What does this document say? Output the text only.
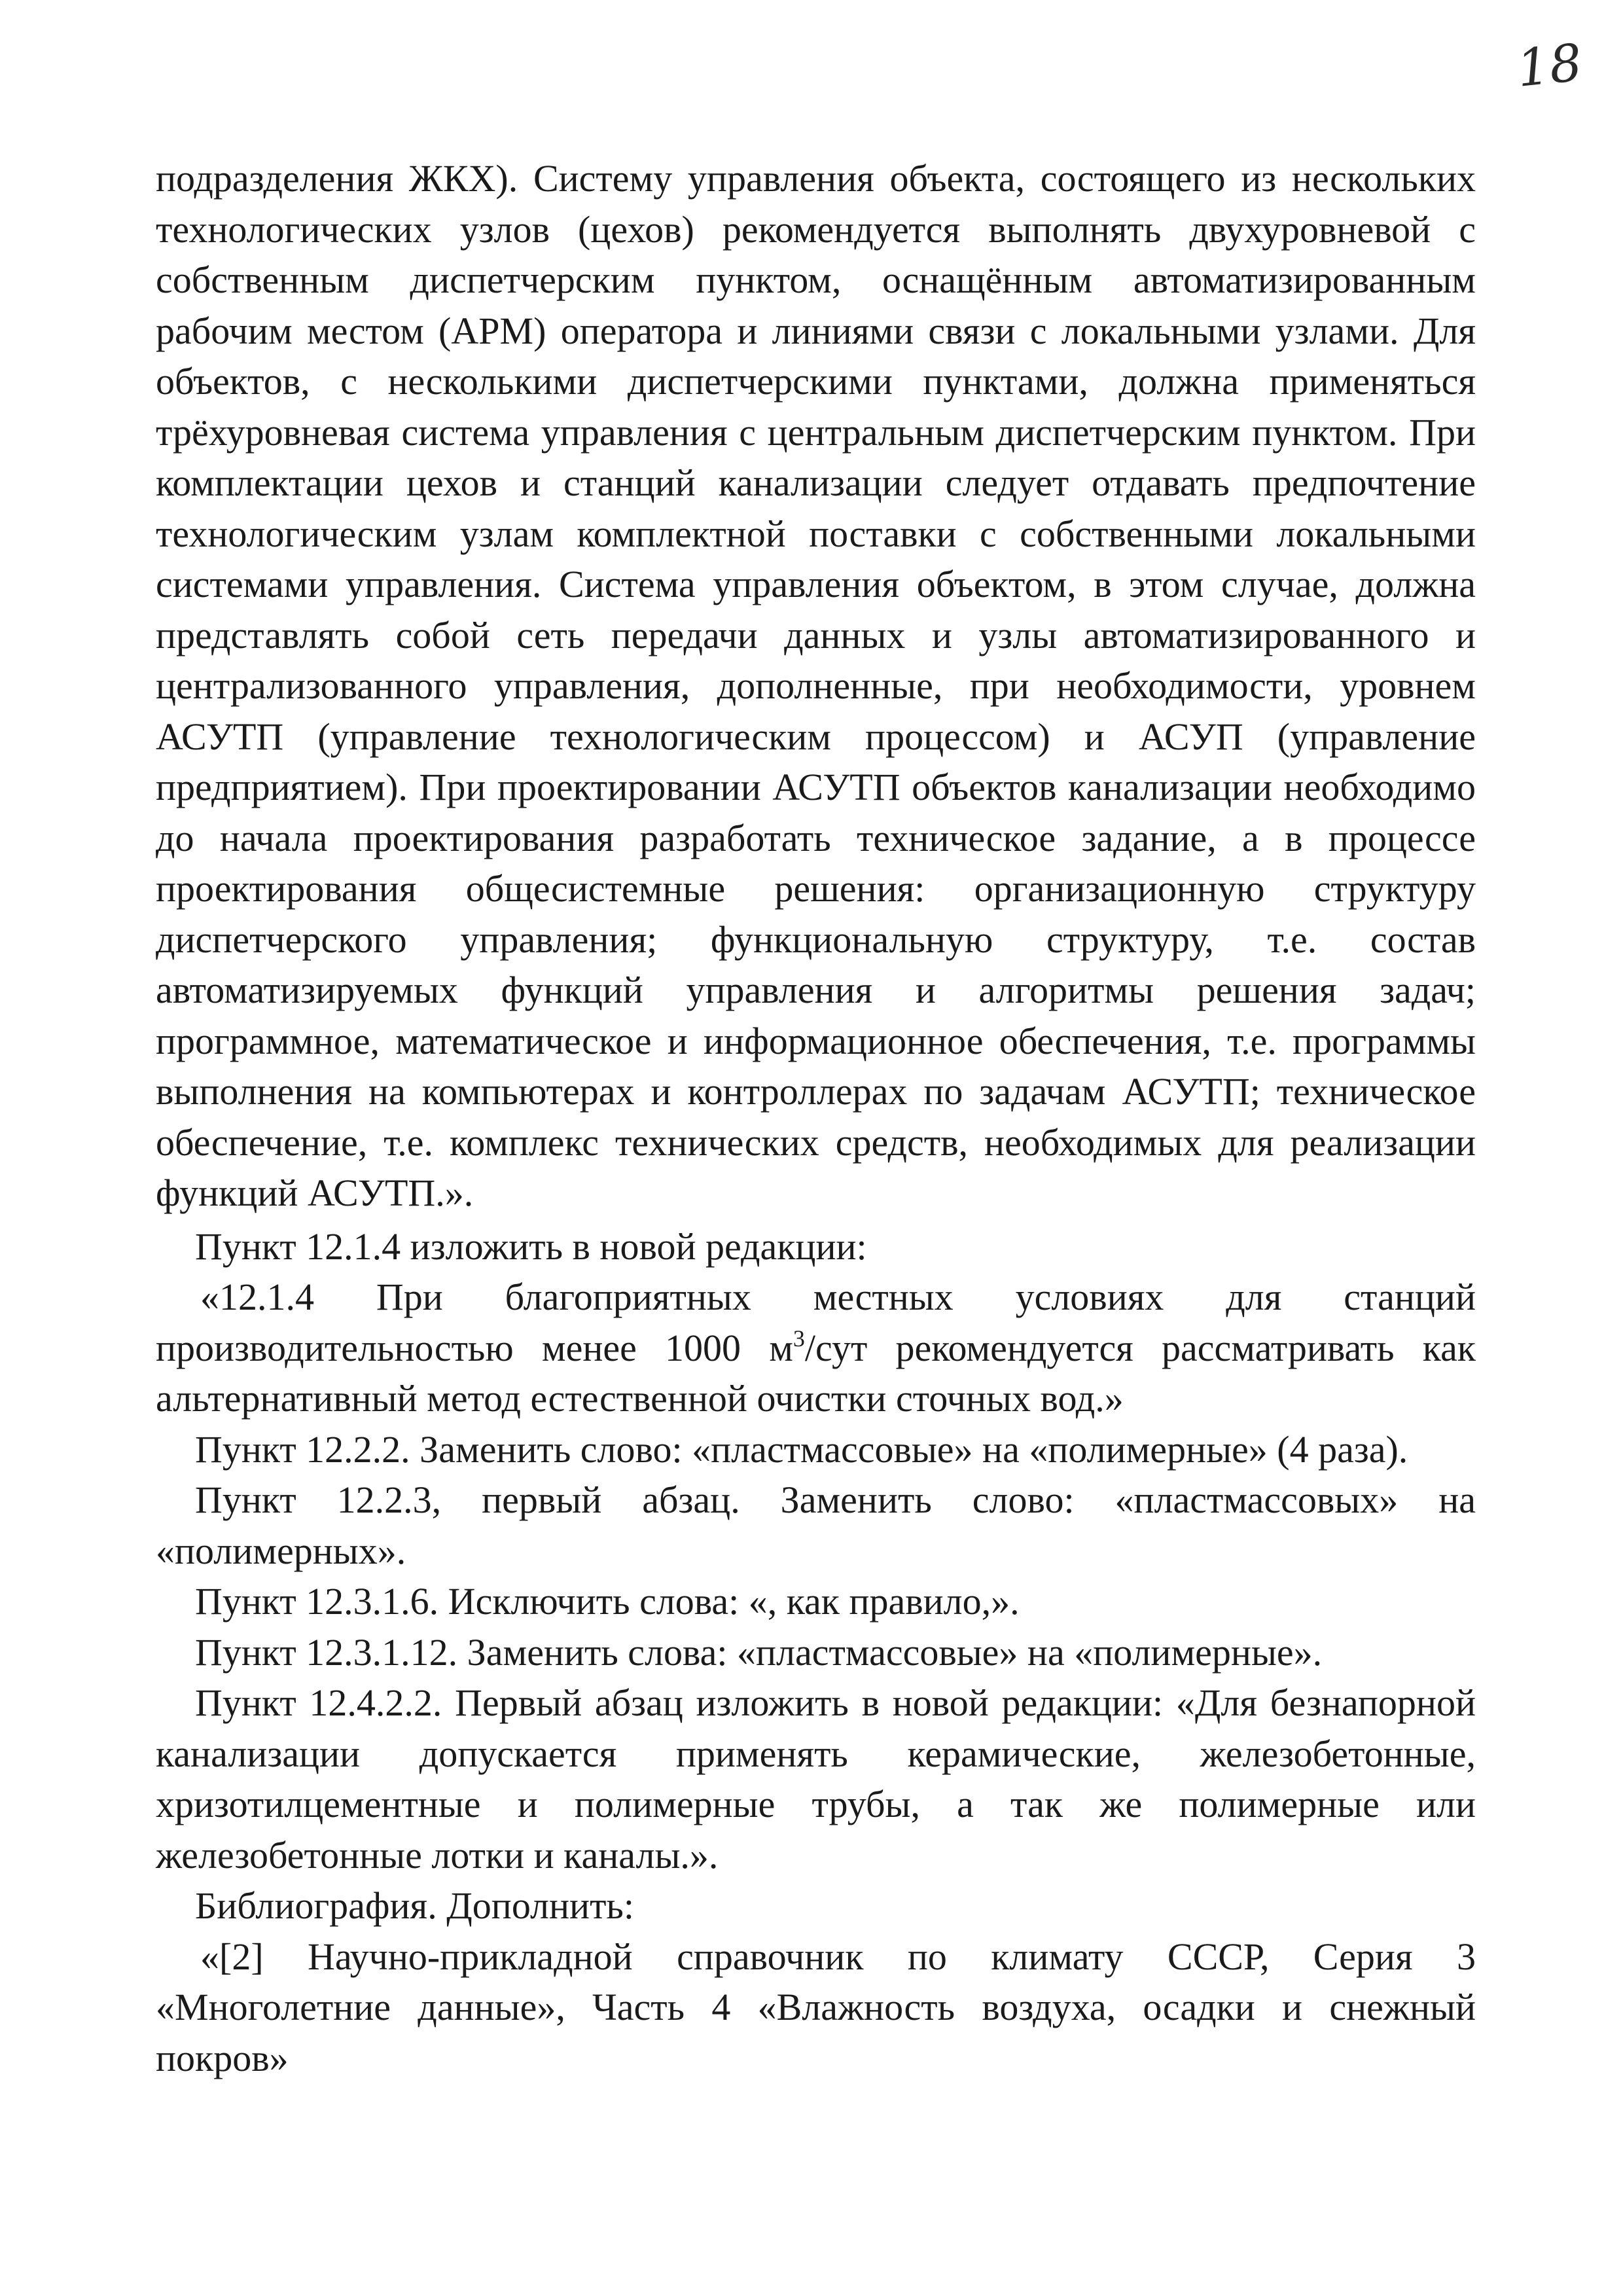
18

подразделения ЖКХ). Систему управления объекта, состоящего из нескольких технологических узлов (цехов) рекомендуется выполнять двухуровневой с собственным диспетчерским пунктом, оснащённым автоматизированным рабочим местом (АРМ) оператора и линиями связи с локальными узлами. Для объектов, с несколькими диспетчерскими пунктами, должна применяться трёхуровневая система управления с центральным диспетчерским пунктом. При комплектации цехов и станций канализации следует отдавать предпочтение технологическим узлам комплектной поставки с собственными локальными системами управления. Система управления объектом, в этом случае, должна представлять собой сеть передачи данных и узлы автоматизированного и централизованного управления, дополненные, при необходимости, уровнем АСУТП (управление технологическим процессом) и АСУП (управление предприятием). При проектировании АСУТП объектов канализации необходимо до начала проектирования разработать техническое задание, а в процессе проектирования общесистемные решения: организационную структуру диспетчерского управления; функциональную структуру, т.е. состав автоматизируемых функций управления и алгоритмы решения задач; программное, математическое и информационное обеспечения, т.е. программы выполнения на компьютерах и контроллерах по задачам АСУТП; техническое обеспечение, т.е. комплекс технических средств, необходимых для реализации функций АСУТП.».

Пункт 12.1.4 изложить в новой редакции:

«12.1.4 При благоприятных местных условиях для станций производительностью менее 1000 $м^3$/сут рекомендуется рассматривать как альтернативный метод естественной очистки сточных вод.»

Пункт 12.2.2. Заменить слово: «пластмассовые» на «полимерные» (4 раза).

Пункт 12.2.3, первый абзац. Заменить слово: «пластмассовых» на «полимерных».

Пункт 12.3.1.6. Исключить слова: «, как правило,».

Пункт 12.3.1.12. Заменить слова: «пластмассовые» на «полимерные».

Пункт 12.4.2.2. Первый абзац изложить в новой редакции: «Для безнапорной канализации допускается применять керамические, железобетонные, хризотилцементные и полимерные трубы, а так же полимерные или железобетонные лотки и каналы.».

Библиография. Дополнить:

«[2] Научно-прикладной справочник по климату СССР, Серия 3 «Многолетние данные», Часть 4 «Влажность воздуха, осадки и снежный покров»
